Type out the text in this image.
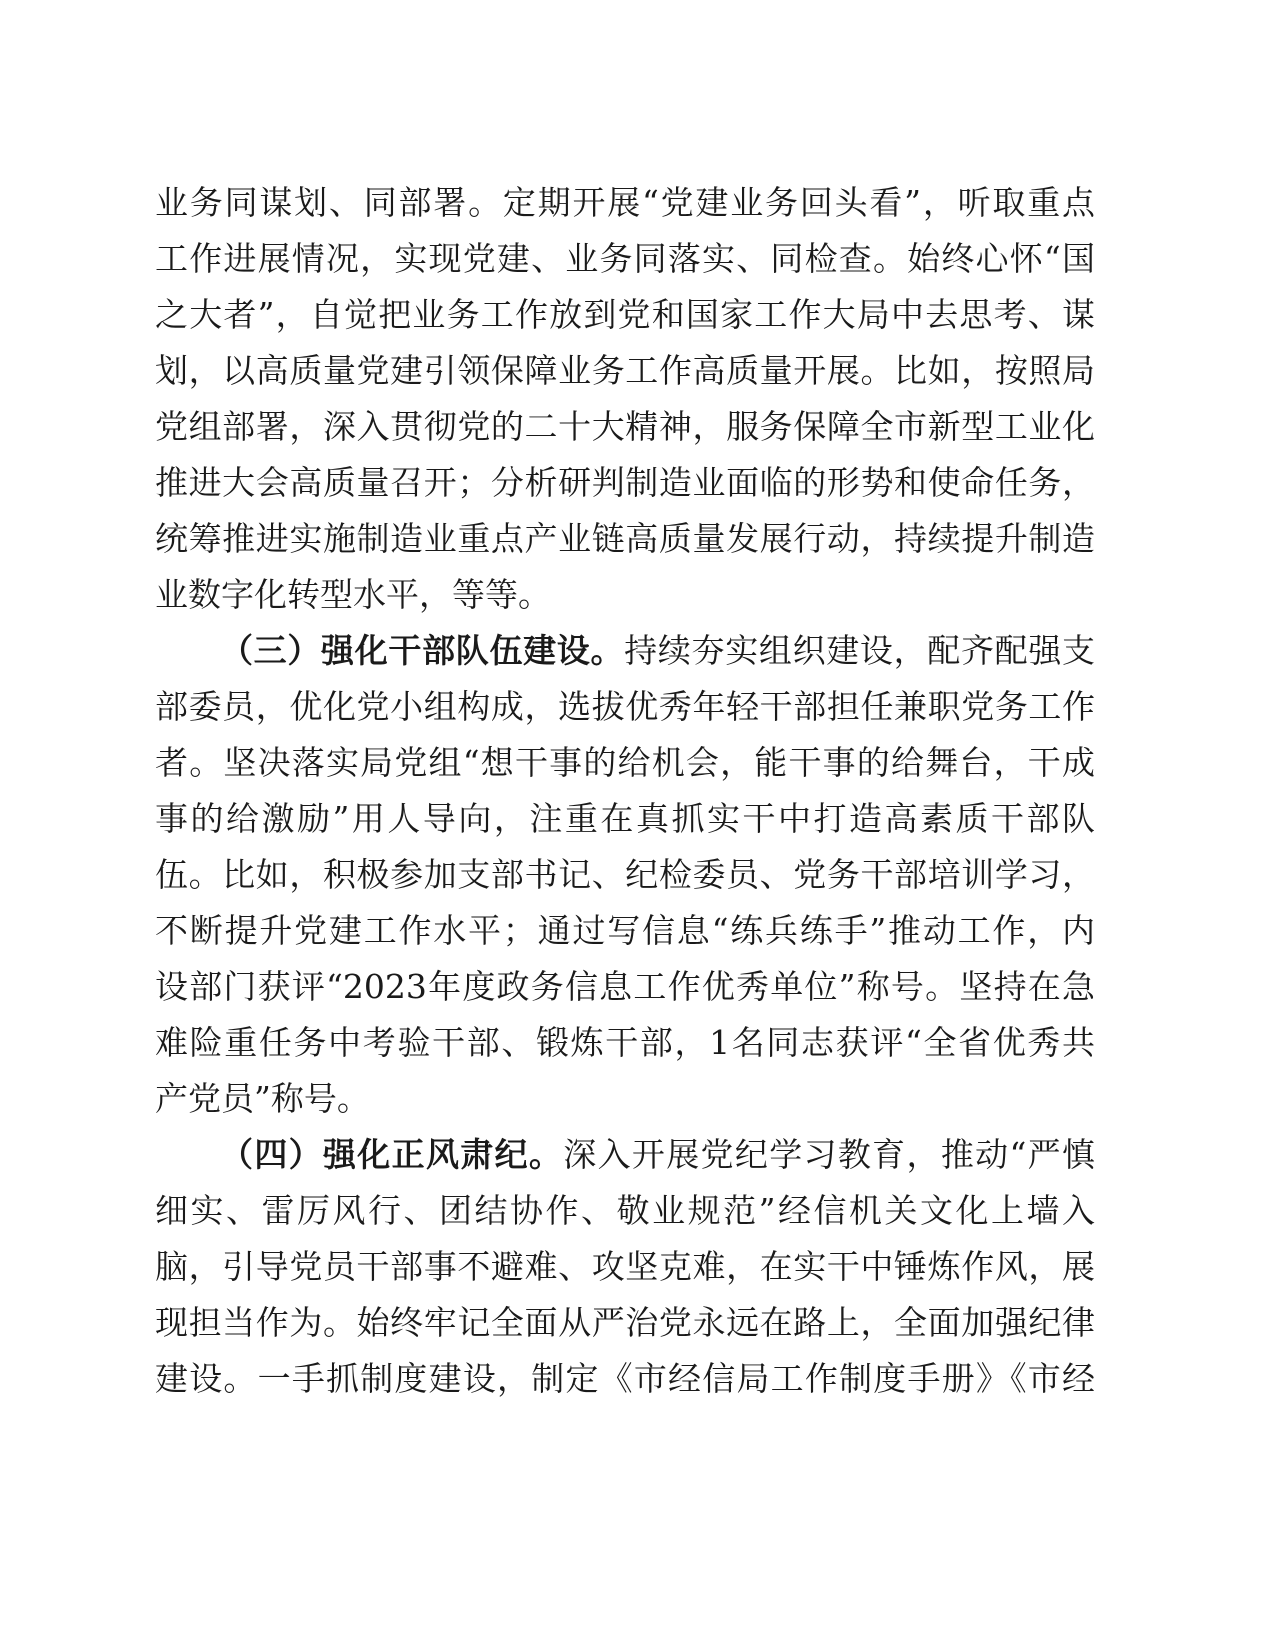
业务同谋划、同部署。定期开展“党建业务回头看”，听取重点
工作进展情况，实现党建、业务同落实、同检查。始终心怀“国
之大者”，自觉把业务工作放到党和国家工作大局中去思考、谋
划，以高质量党建引领保障业务工作高质量开展。比如，按照局
党组部署，深入贯彻党的二十大精神，服务保障全市新型工业化
推进大会高质量召开；分析研判制造业面临的形势和使命任务，
统筹推进实施制造业重点产业链高质量发展行动，持续提升制造
业数字化转型水平，等等。
（三）强化干部队伍建设。持续夯实组织建设，配齐配强支
部委员，优化党小组构成，选拔优秀年轻干部担任兼职党务工作
者。坚决落实局党组“想干事的给机会，能干事的给舞台，干成
事的给激励”用人导向，注重在真抓实干中打造高素质干部队
伍。比如，积极参加支部书记、纪检委员、党务干部培训学习，
不断提升党建工作水平；通过写信息“练兵练手”推动工作，内
设部门获评“2023年度政务信息工作优秀单位”称号。坚持在急
难险重任务中考验干部、锻炼干部，1名同志获评“全省优秀共
产党员”称号。
（四）强化正风肃纪。深入开展党纪学习教育，推动“严慎
细实、雷厉风行、团结协作、敬业规范”经信机关文化上墙入
脑，引导党员干部事不避难、攻坚克难，在实干中锤炼作风，展
现担当作为。始终牢记全面从严治党永远在路上，全面加强纪律
建设。一手抓制度建设，制定《市经信局工作制度手册》《市经
